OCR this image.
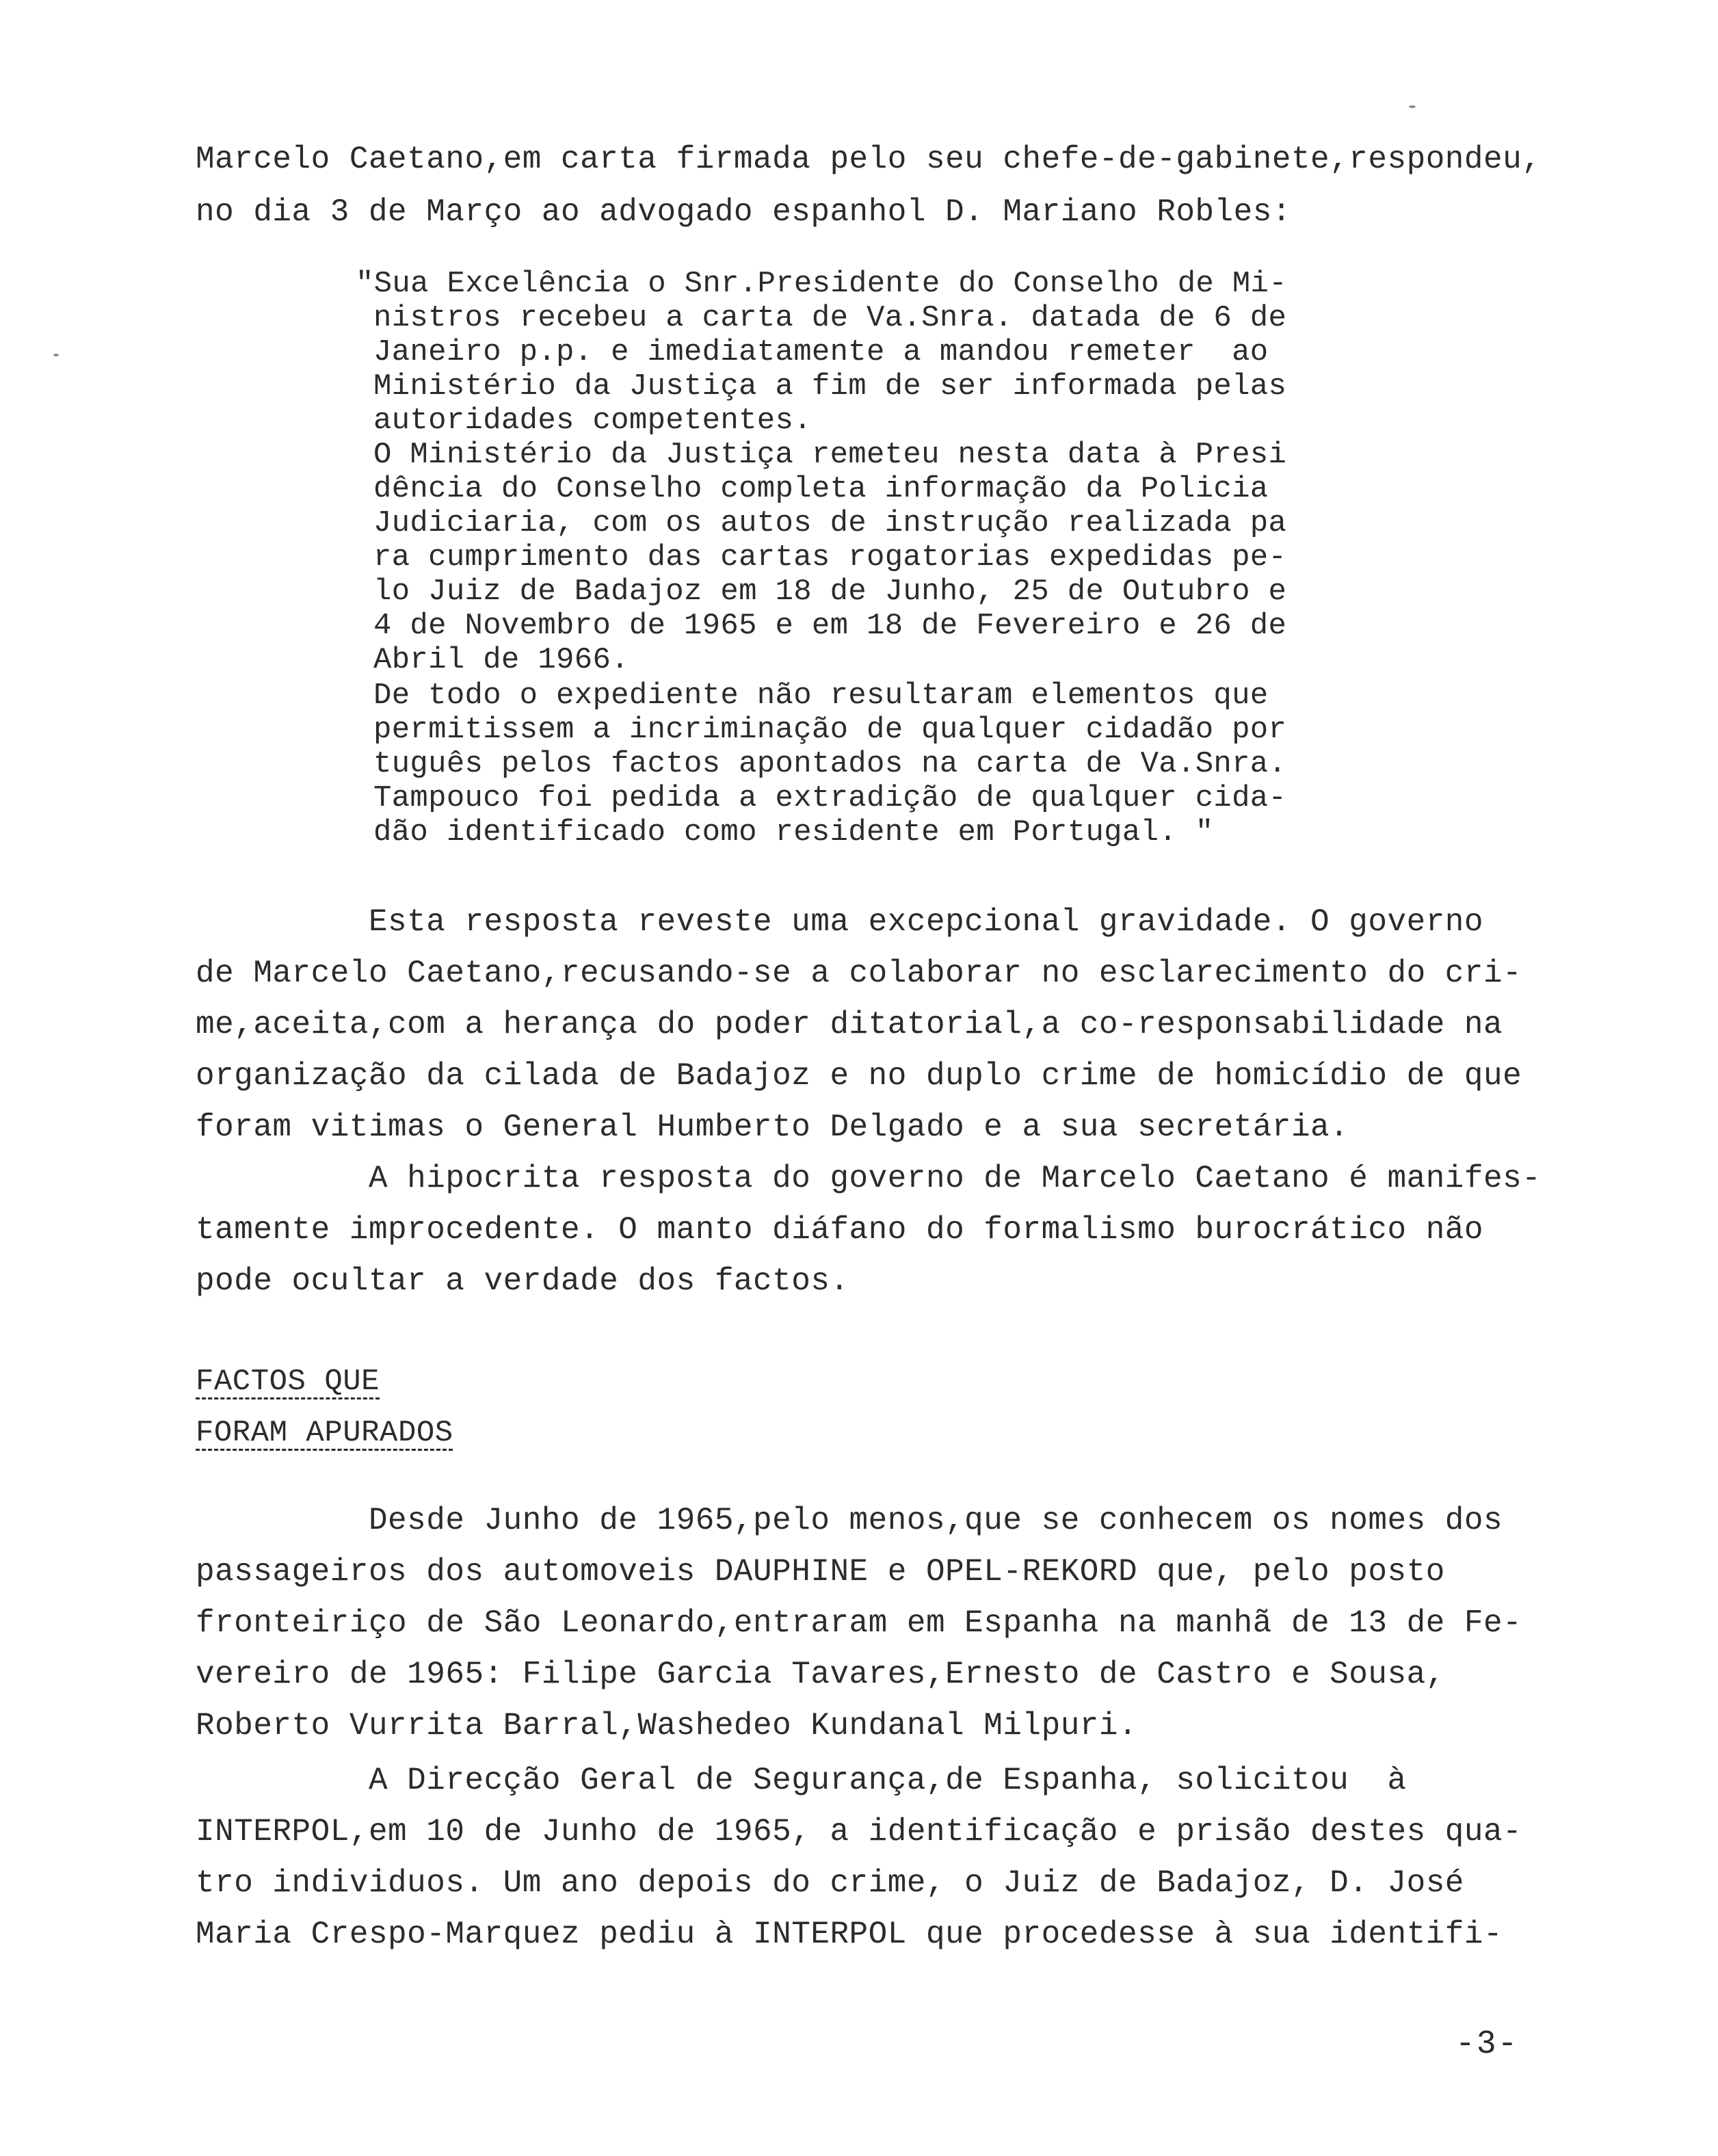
Marcelo Caetano,em carta firmada pelo seu chefe-de-gabinete,respondeu,
no dia 3 de Março ao advogado espanhol D. Mariano Robles:
"Sua Excelência o Snr.Presidente do Conselho de Mi-
nistros recebeu a carta de Va.Snra. datada de 6 de
Janeiro p.p. e imediatamente a mandou remeter  ao
Ministério da Justiça a fim de ser informada pelas
autoridades competentes.
O Ministério da Justiça remeteu nesta data à Presi
dência do Conselho completa informação da Policia
Judiciaria, com os autos de instrução realizada pa
ra cumprimento das cartas rogatorias expedidas pe-
lo Juiz de Badajoz em 18 de Junho, 25 de Outubro e
4 de Novembro de 1965 e em 18 de Fevereiro e 26 de
Abril de 1966.
De todo o expediente não resultaram elementos que
permitissem a incriminação de qualquer cidadão por
tuguês pelos factos apontados na carta de Va.Snra.
Tampouco foi pedida a extradição de qualquer cida-
dão identificado como residente em Portugal. "
Esta resposta reveste uma excepcional gravidade. O governo
de Marcelo Caetano,recusando-se a colaborar no esclarecimento do cri-
me,aceita,com a herança do poder ditatorial,a co-responsabilidade na
organização da cilada de Badajoz e no duplo crime de homicídio de que
foram vitimas o General Humberto Delgado e a sua secretária.
A hipocrita resposta do governo de Marcelo Caetano é manifes-
tamente improcedente. O manto diáfano do formalismo burocrático não
pode ocultar a verdade dos factos.
FACTOS QUE
FORAM APURADOS
Desde Junho de 1965,pelo menos,que se conhecem os nomes dos
passageiros dos automoveis DAUPHINE e OPEL-REKORD que, pelo posto
fronteiriço de São Leonardo,entraram em Espanha na manhã de 13 de Fe-
vereiro de 1965: Filipe Garcia Tavares,Ernesto de Castro e Sousa,
Roberto Vurrita Barral,Washedeo Kundanal Milpuri.
A Direcção Geral de Segurança,de Espanha, solicitou  à
INTERPOL,em 10 de Junho de 1965, a identificação e prisão destes qua-
tro individuos. Um ano depois do crime, o Juiz de Badajoz, D. José
Maria Crespo-Marquez pediu à INTERPOL que procedesse à sua identifi-
-3-
